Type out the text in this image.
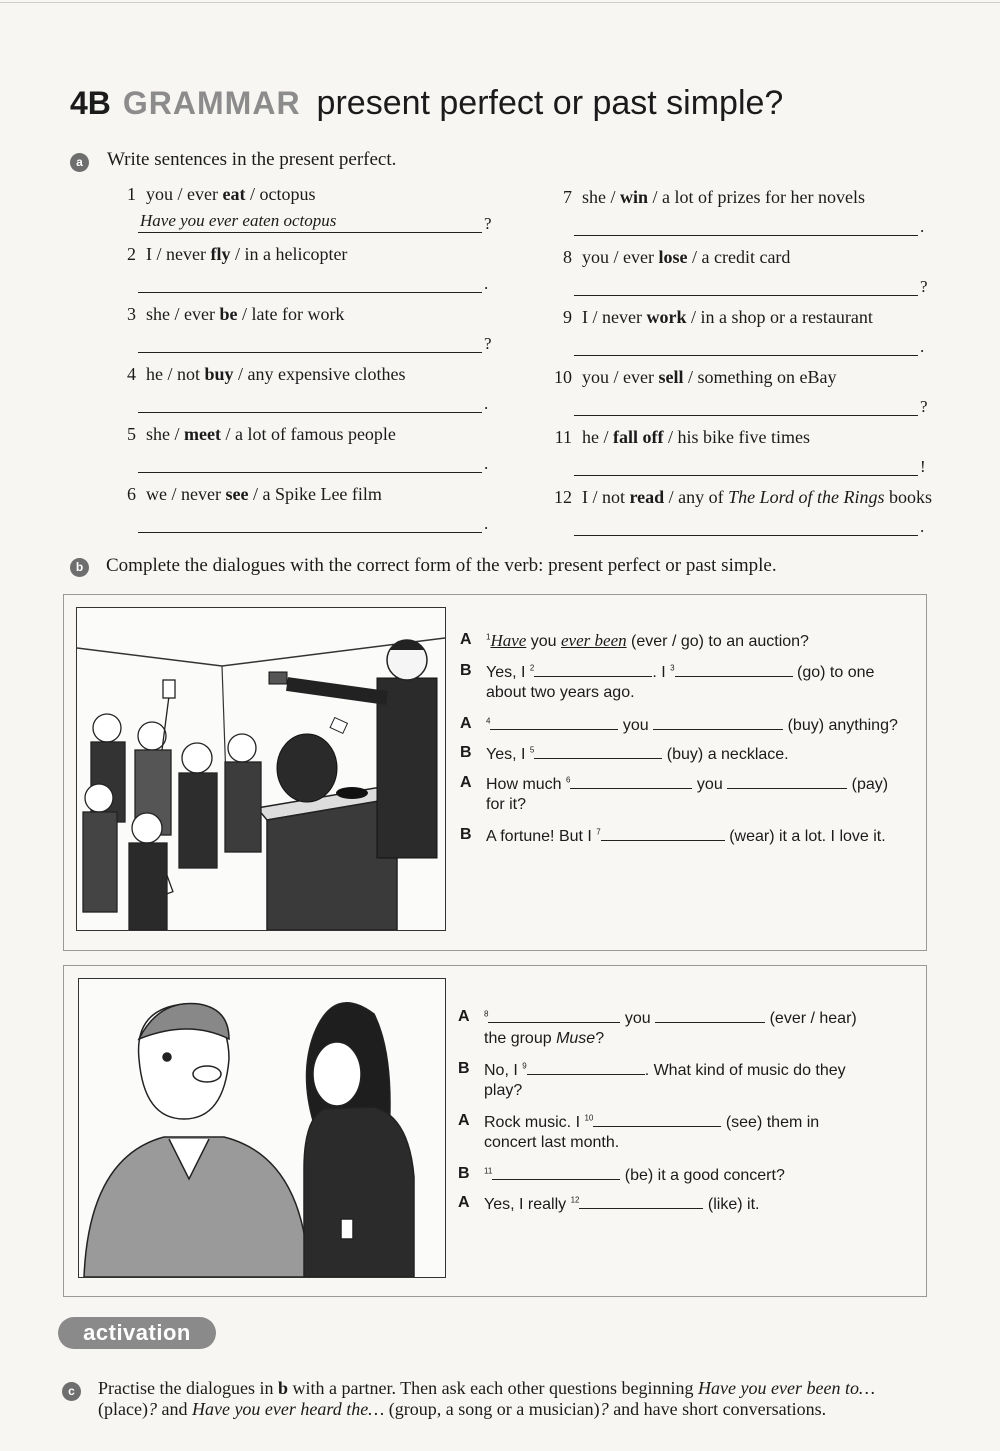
4B GRAMMAR present perfect or past simple?
a	Write sentences in the present perfect.
1 you / ever eat / octopus
Have you ever eaten octopus	?
2 I / never fly / in a helicopter
.
3 she / ever be / late for work
?
4 he / not buy / any expensive clothes
.
5 she / meet / a lot of famous people
.
6 we / never see / a Spike Lee film
.
7 she / win / a lot of prizes for her novels
.
8 you / ever lose / a credit card
?
9 I / never work / in a shop or a restaurant
.
10 you / ever sell / something on eBay
?
11 he / fall off / his bike five times
!
12 I / not read / any of The Lord of the Rings books
.
b	Complete the dialogues with the correct form of the verb: present perfect or past simple.
A $^1$Have you ever been (ever / go) to an auction?
B Yes, I $^2$	. I $^3$	(go) to one
about two years ago.
A $^4$	you	(buy) anything?
B Yes, I $^5$	(buy) a necklace.
A How much $^6$	you	(pay)
for it?
B A fortune! But I $^7$	(wear) it a lot. I love it.
A $^8$	you	(ever / hear)
the group Muse?
B No, I $^9$	. What kind of music do they
play?
A Rock music. I $^{10}$	(see) them in
concert last month.
B $^{11}$	(be) it a good concert?
A Yes, I really $^{12}$	(like) it.
activation
c	Practise the dialogues in b with a partner. Then ask each other questions beginning Have you ever been to…(place)? and Have you ever heard the… (group, a song or a musician)? and have short conversations.
